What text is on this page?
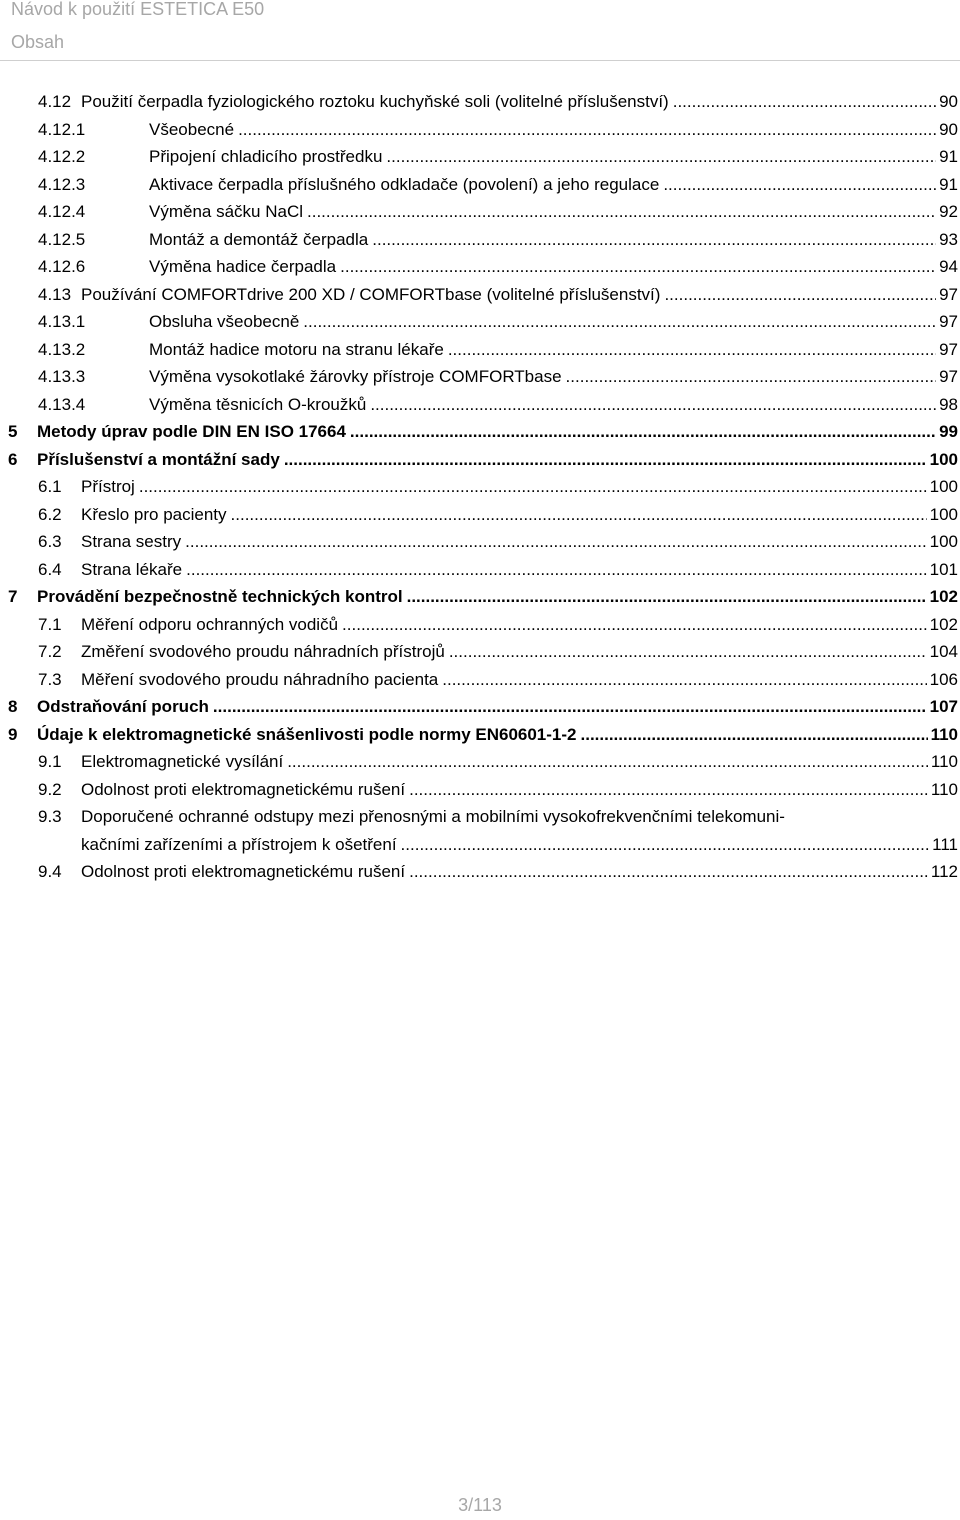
Návod k použití ESTETICA E50
Obsah
4.12 Použití čerpadla fyziologického roztoku kuchyňské soli (volitelné příslušenství) .....	90
4.12.1	Všeobecné .....	90
4.12.2	Připojení chladicího prostředku .....	91
4.12.3	Aktivace čerpadla příslušného odkladače (povolení) a jeho regulace .....	91
4.12.4	Výměna sáčku NaCl .....	92
4.12.5	Montáž a demontáž čerpadla .....	93
4.12.6	Výměna hadice čerpadla .....	94
4.13 Používání COMFORTdrive 200 XD / COMFORTbase (volitelné příslušenství) .....	97
4.13.1	Obsluha všeobecně .....	97
4.13.2	Montáž hadice motoru na stranu lékaře .....	97
4.13.3	Výměna vysokotlaké žárovky přístroje COMFORTbase .....	97
4.13.4	Výměna těsnicích O-kroužků .....	98
5 Metody úprav podle DIN EN ISO 17664 .....	99
6 Příslušenství a montážní sady .....	100
6.1 Přístroj .....	100
6.2 Křeslo pro pacienty .....	100
6.3 Strana sestry .....	100
6.4 Strana lékaře .....	101
7 Provádění bezpečnostně technických kontrol .....	102
7.1 Měření odporu ochranných vodičů .....	102
7.2 Změření svodového proudu náhradních přístrojů .....	104
7.3 Měření svodového proudu náhradního pacienta .....	106
8 Odstraňování poruch .....	107
9 Údaje k elektromagnetické snášenlivosti podle normy EN60601-1-2 .....	110
9.1 Elektromagnetické vysílání .....	110
9.2 Odolnost proti elektromagnetickému rušení .....	110
9.3 Doporučené ochranné odstupy mezi přenosnými a mobilními vysokofrekvenčními telekomuni-
kačními zařízeními a přístrojem k ošetření .....	111
9.4 Odolnost proti elektromagnetickému rušení .....	112
3/113
